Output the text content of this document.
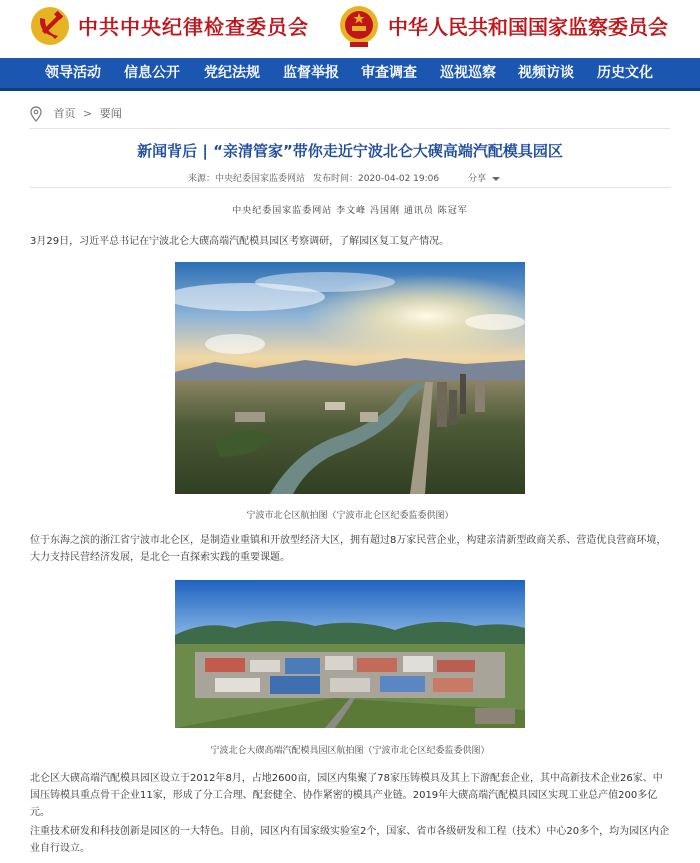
中共中央纪律检查委员会	中华人民共和国国家监察委员会
领导活动 信息公开 党纪法规 监督举报 审查调查 巡视巡察 视频访谈 历史文化
首页 > 要闻
新闻背后 | “亲清管家”带你走近宁波北仑大碶高端汽配模具园区
来源：中央纪委国家监委网站 发布时间：2020-04-02 19:06	分享
中央纪委国家监委网站 李文峰 冯国刚 通讯员 陈冠军
3月29日，习近平总书记在宁波北仑大碶高端汽配模具园区考察调研，了解园区复工复产情况。
宁波市北仑区航拍图（宁波市北仑区纪委监委供图）
位于东海之滨的浙江省宁波市北仑区，是制造业重镇和开放型经济大区，拥有超过8万家民营企业，构建亲清新型政商关系、营造优良营商环境，大力支持民营经济发展，是北仑一直探索实践的重要课题。
宁波北仑大碶高端汽配模具园区航拍图（宁波市北仑区纪委监委供图）
北仑区大碶高端汽配模具园区设立于2012年8月，占地2600亩，园区内集聚了78家压铸模具及其上下游配套企业，其中高新技术企业26家、中国压铸模具重点骨干企业11家，形成了分工合理、配套健全、协作紧密的模具产业链。2019年大碶高端汽配模具园区实现工业总产值200多亿元。
注重技术研发和科技创新是园区的一大特色。目前，园区内有国家级实验室2个，国家、省市各级研发和工程（技术）中心20多个，均为园区内企业自行设立。
